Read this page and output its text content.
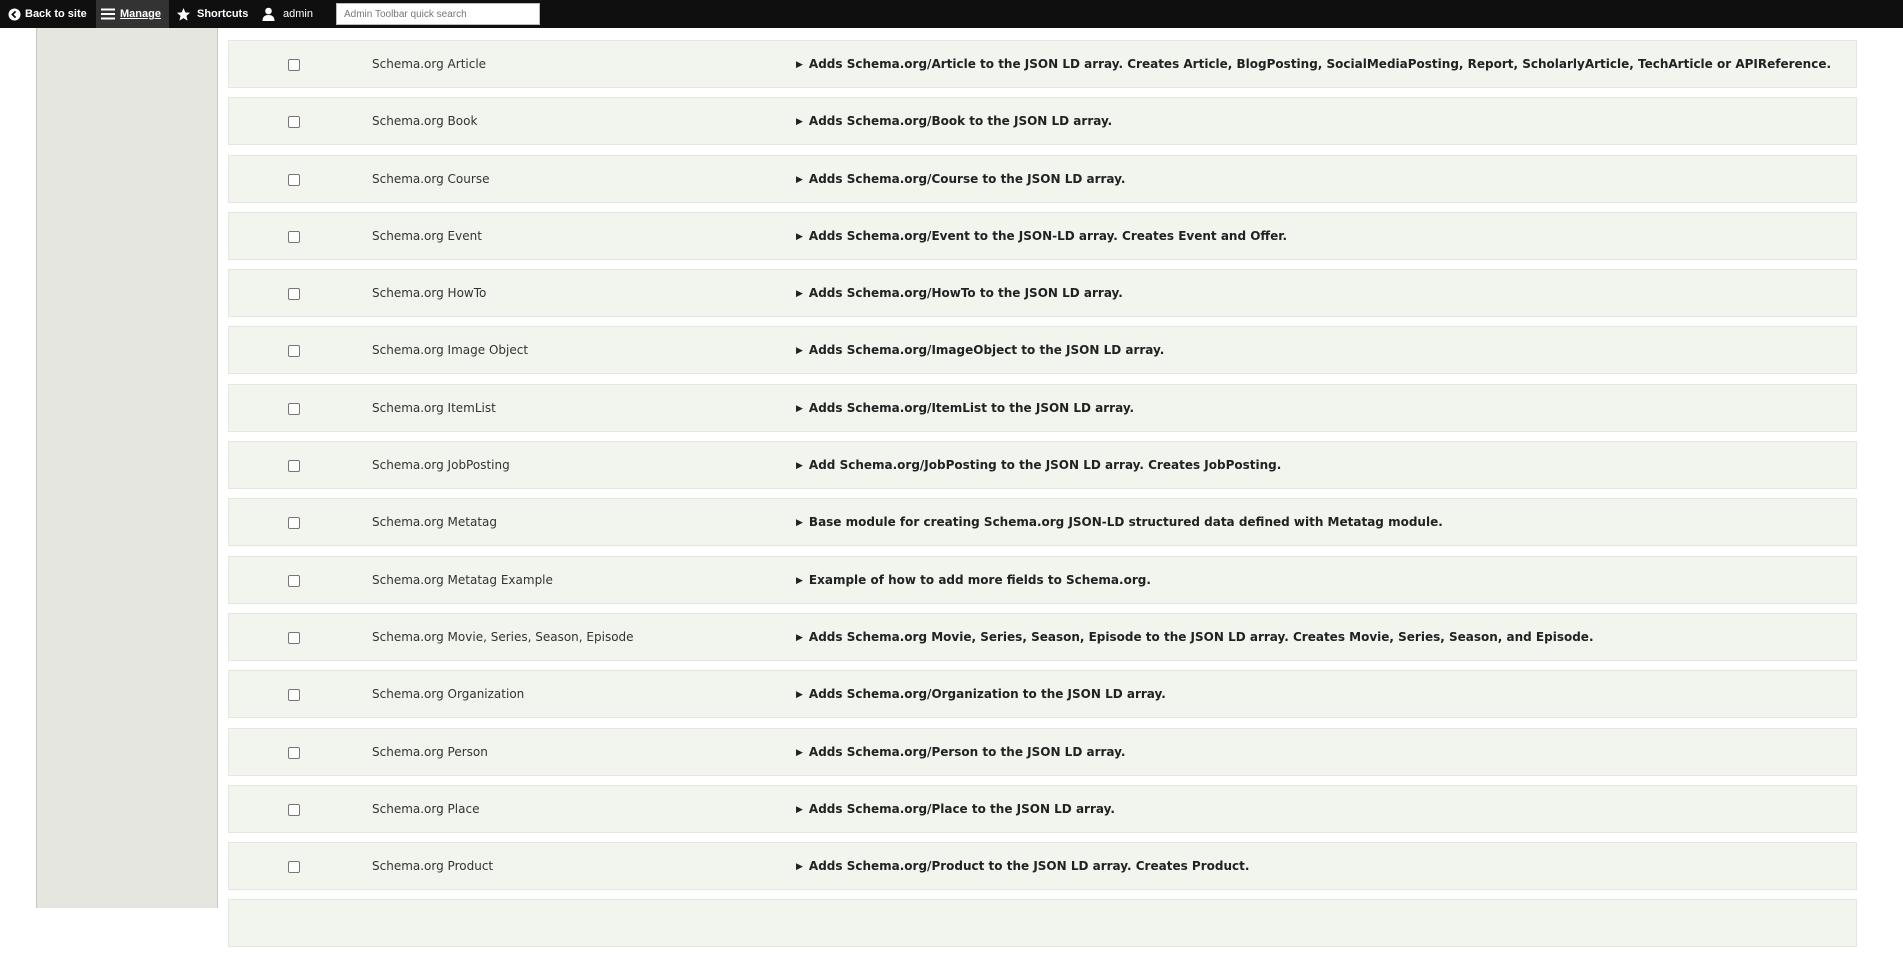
Back to site	Manage	Shortcuts	admin
Admin Toolbar quick search
Schema.org Article	▶ Adds Schema.org/Article to the JSON LD array. Creates Article, BlogPosting, SocialMediaPosting, Report, ScholarlyArticle, TechArticle or APIReference.
Schema.org Book	▶ Adds Schema.org/Book to the JSON LD array.
Schema.org Course	▶ Adds Schema.org/Course to the JSON LD array.
Schema.org Event	▶ Adds Schema.org/Event to the JSON-LD array. Creates Event and Offer.
Schema.org HowTo	▶ Adds Schema.org/HowTo to the JSON LD array.
Schema.org Image Object	▶ Adds Schema.org/ImageObject to the JSON LD array.
Schema.org ItemList	▶ Adds Schema.org/ItemList to the JSON LD array.
Schema.org JobPosting	▶ Add Schema.org/JobPosting to the JSON LD array. Creates JobPosting.
Schema.org Metatag	▶ Base module for creating Schema.org JSON-LD structured data defined with Metatag module.
Schema.org Metatag Example	▶ Example of how to add more fields to Schema.org.
Schema.org Movie, Series, Season, Episode	▶ Adds Schema.org Movie, Series, Season, Episode to the JSON LD array. Creates Movie, Series, Season, and Episode.
Schema.org Organization	▶ Adds Schema.org/Organization to the JSON LD array.
Schema.org Person	▶ Adds Schema.org/Person to the JSON LD array.
Schema.org Place	▶ Adds Schema.org/Place to the JSON LD array.
Schema.org Product	▶ Adds Schema.org/Product to the JSON LD array. Creates Product.
